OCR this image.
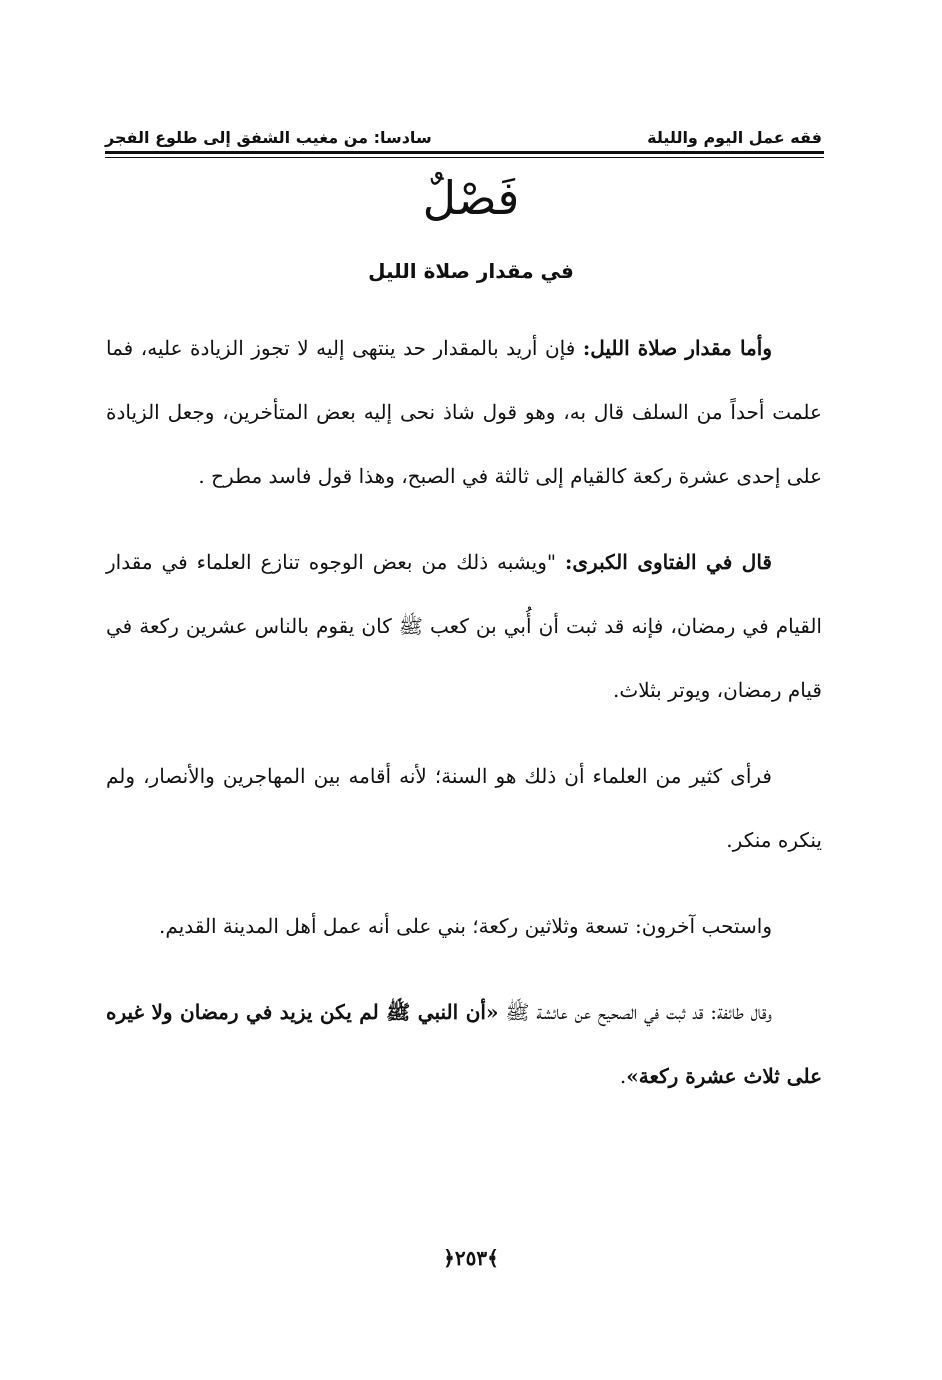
فقه عمل اليوم والليلة
سادسا: من مغيب الشفق إلى طلوع الفجر
فَصْلٌ
في مقدار صلاة الليل

وأما مقدار صلاة الليل: فإن أريد بالمقدار حد ينتهى إليه لا تجوز الزيادة عليه، فما علمت أحداً من السلف قال به، وهو قول شاذ نحى إليه بعض المتأخرين، وجعل الزيادة على إحدى عشرة ركعة كالقيام إلى ثالثة في الصبح، وهذا قول فاسد مطرح .

قال في الفتاوى الكبرى: "ويشبه ذلك من بعض الوجوه تنازع العلماء في مقدار القيام في رمضان، فإنه قد ثبت أن أُبي بن كعب ﷺ كان يقوم بالناس عشرين ركعة في قيام رمضان، ويوتر بثلاث.

فرأى كثير من العلماء أن ذلك هو السنة؛ لأنه أقامه بين المهاجرين والأنصار، ولم ينكره منكر.

واستحب آخرون: تسعة وثلاثين ركعة؛ بني على أنه عمل أهل المدينة القديم.

وقال طائفة: قد ثبت في الصحيح عن عائشة ﷺ «أن النبي ﷺ لم يكن يزيد في رمضان ولا غيره على ثلاث عشرة ركعة».

﴿٢٥٣﴾
